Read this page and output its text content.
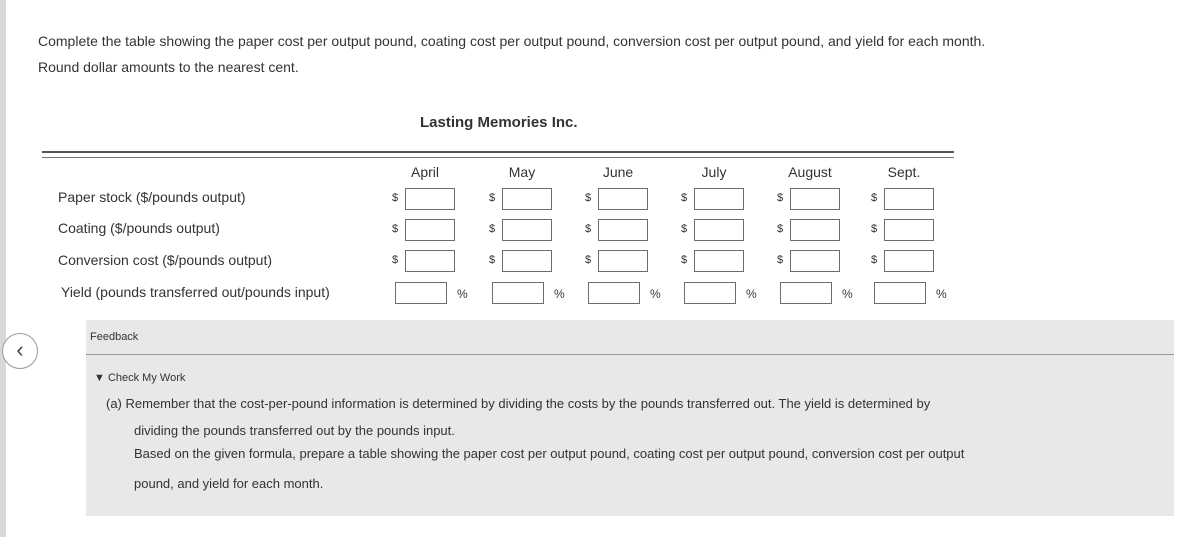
‹
Complete the table showing the paper cost per output pound, coating cost per output pound, conversion cost per output pound, and yield for each month.
Round dollar amounts to the nearest cent.
Lasting Memories Inc.
April	May	June	July	August	Sept.
Paper stock ($/pounds output)	$	$	$	$	$	$
Coating ($/pounds output)	$	$	$	$	$	$
Conversion cost ($/pounds output)	$	$	$	$	$	$
Yield (pounds transferred out/pounds input)	%	%	%	%	%	%
Feedback
▼ Check My Work
(a) Remember that the cost-per-pound information is determined by dividing the costs by the pounds transferred out. The yield is determined by
dividing the pounds transferred out by the pounds input.
Based on the given formula, prepare a table showing the paper cost per output pound, coating cost per output pound, conversion cost per output
pound, and yield for each month.
